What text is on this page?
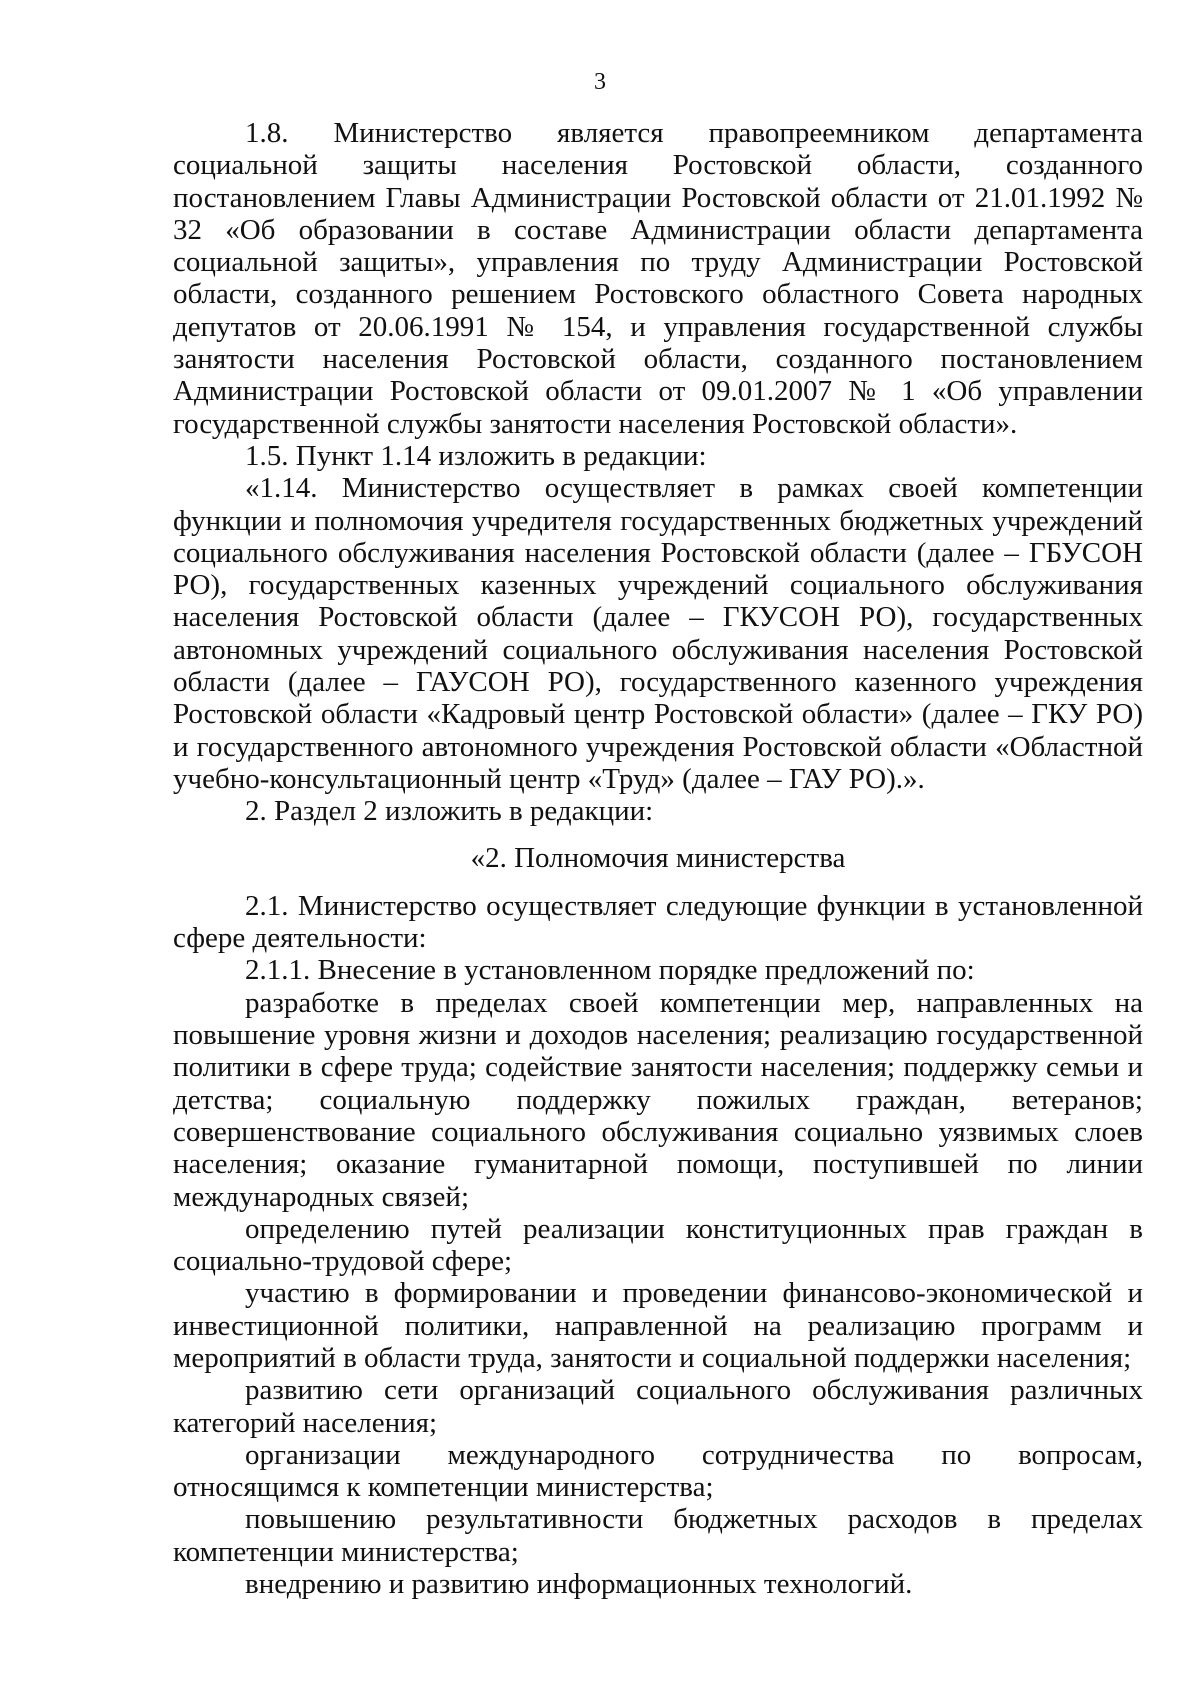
3

1.8. Министерство является правопреемником департамента социальной защиты населения Ростовской области, созданного постановлением Главы Администрации Ростовской области от 21.01.1992 № 32 «Об образовании в составе Администрации области департамента социальной защиты», управления по труду Администрации Ростовской области, созданного решением Ростовского областного Совета народных депутатов от 20.06.1991 № 154, и управления государственной службы занятости населения Ростовской области, созданного постановлением Администрации Ростовской области от 09.01.2007 № 1 «Об управлении государственной службы занятости населения Ростовской области».

1.5. Пункт 1.14 изложить в редакции:

«1.14. Министерство осуществляет в рамках своей компетенции функции и полномочия учредителя государственных бюджетных учреждений социального обслуживания населения Ростовской области (далее – ГБУСОН РО), государственных казенных учреждений социального обслуживания населения Ростовской области (далее – ГКУСОН РО), государственных автономных учреждений социального обслуживания населения Ростовской области (далее – ГАУСОН РО), государственного казенного учреждения Ростовской области «Кадровый центр Ростовской области» (далее – ГКУ РО) и государственного автономного учреждения Ростовской области «Областной учебно-консультационный центр «Труд» (далее – ГАУ РО).».

2. Раздел 2 изложить в редакции:

«2. Полномочия министерства

2.1. Министерство осуществляет следующие функции в установленной сфере деятельности:

2.1.1. Внесение в установленном порядке предложений по:

разработке в пределах своей компетенции мер, направленных на повышение уровня жизни и доходов населения; реализацию государственной политики в сфере труда; содействие занятости населения; поддержку семьи и детства; социальную поддержку пожилых граждан, ветеранов; совершенствование социального обслуживания социально уязвимых слоев населения; оказание гуманитарной помощи, поступившей по линии международных связей;

определению путей реализации конституционных прав граждан в социально-трудовой сфере;

участию в формировании и проведении финансово-экономической и инвестиционной политики, направленной на реализацию программ и мероприятий в области труда, занятости и социальной поддержки населения;

развитию сети организаций социального обслуживания различных категорий населения;

организации международного сотрудничества по вопросам, относящимся к компетенции министерства;

повышению результативности бюджетных расходов в пределах компетенции министерства;

внедрению и развитию информационных технологий.
